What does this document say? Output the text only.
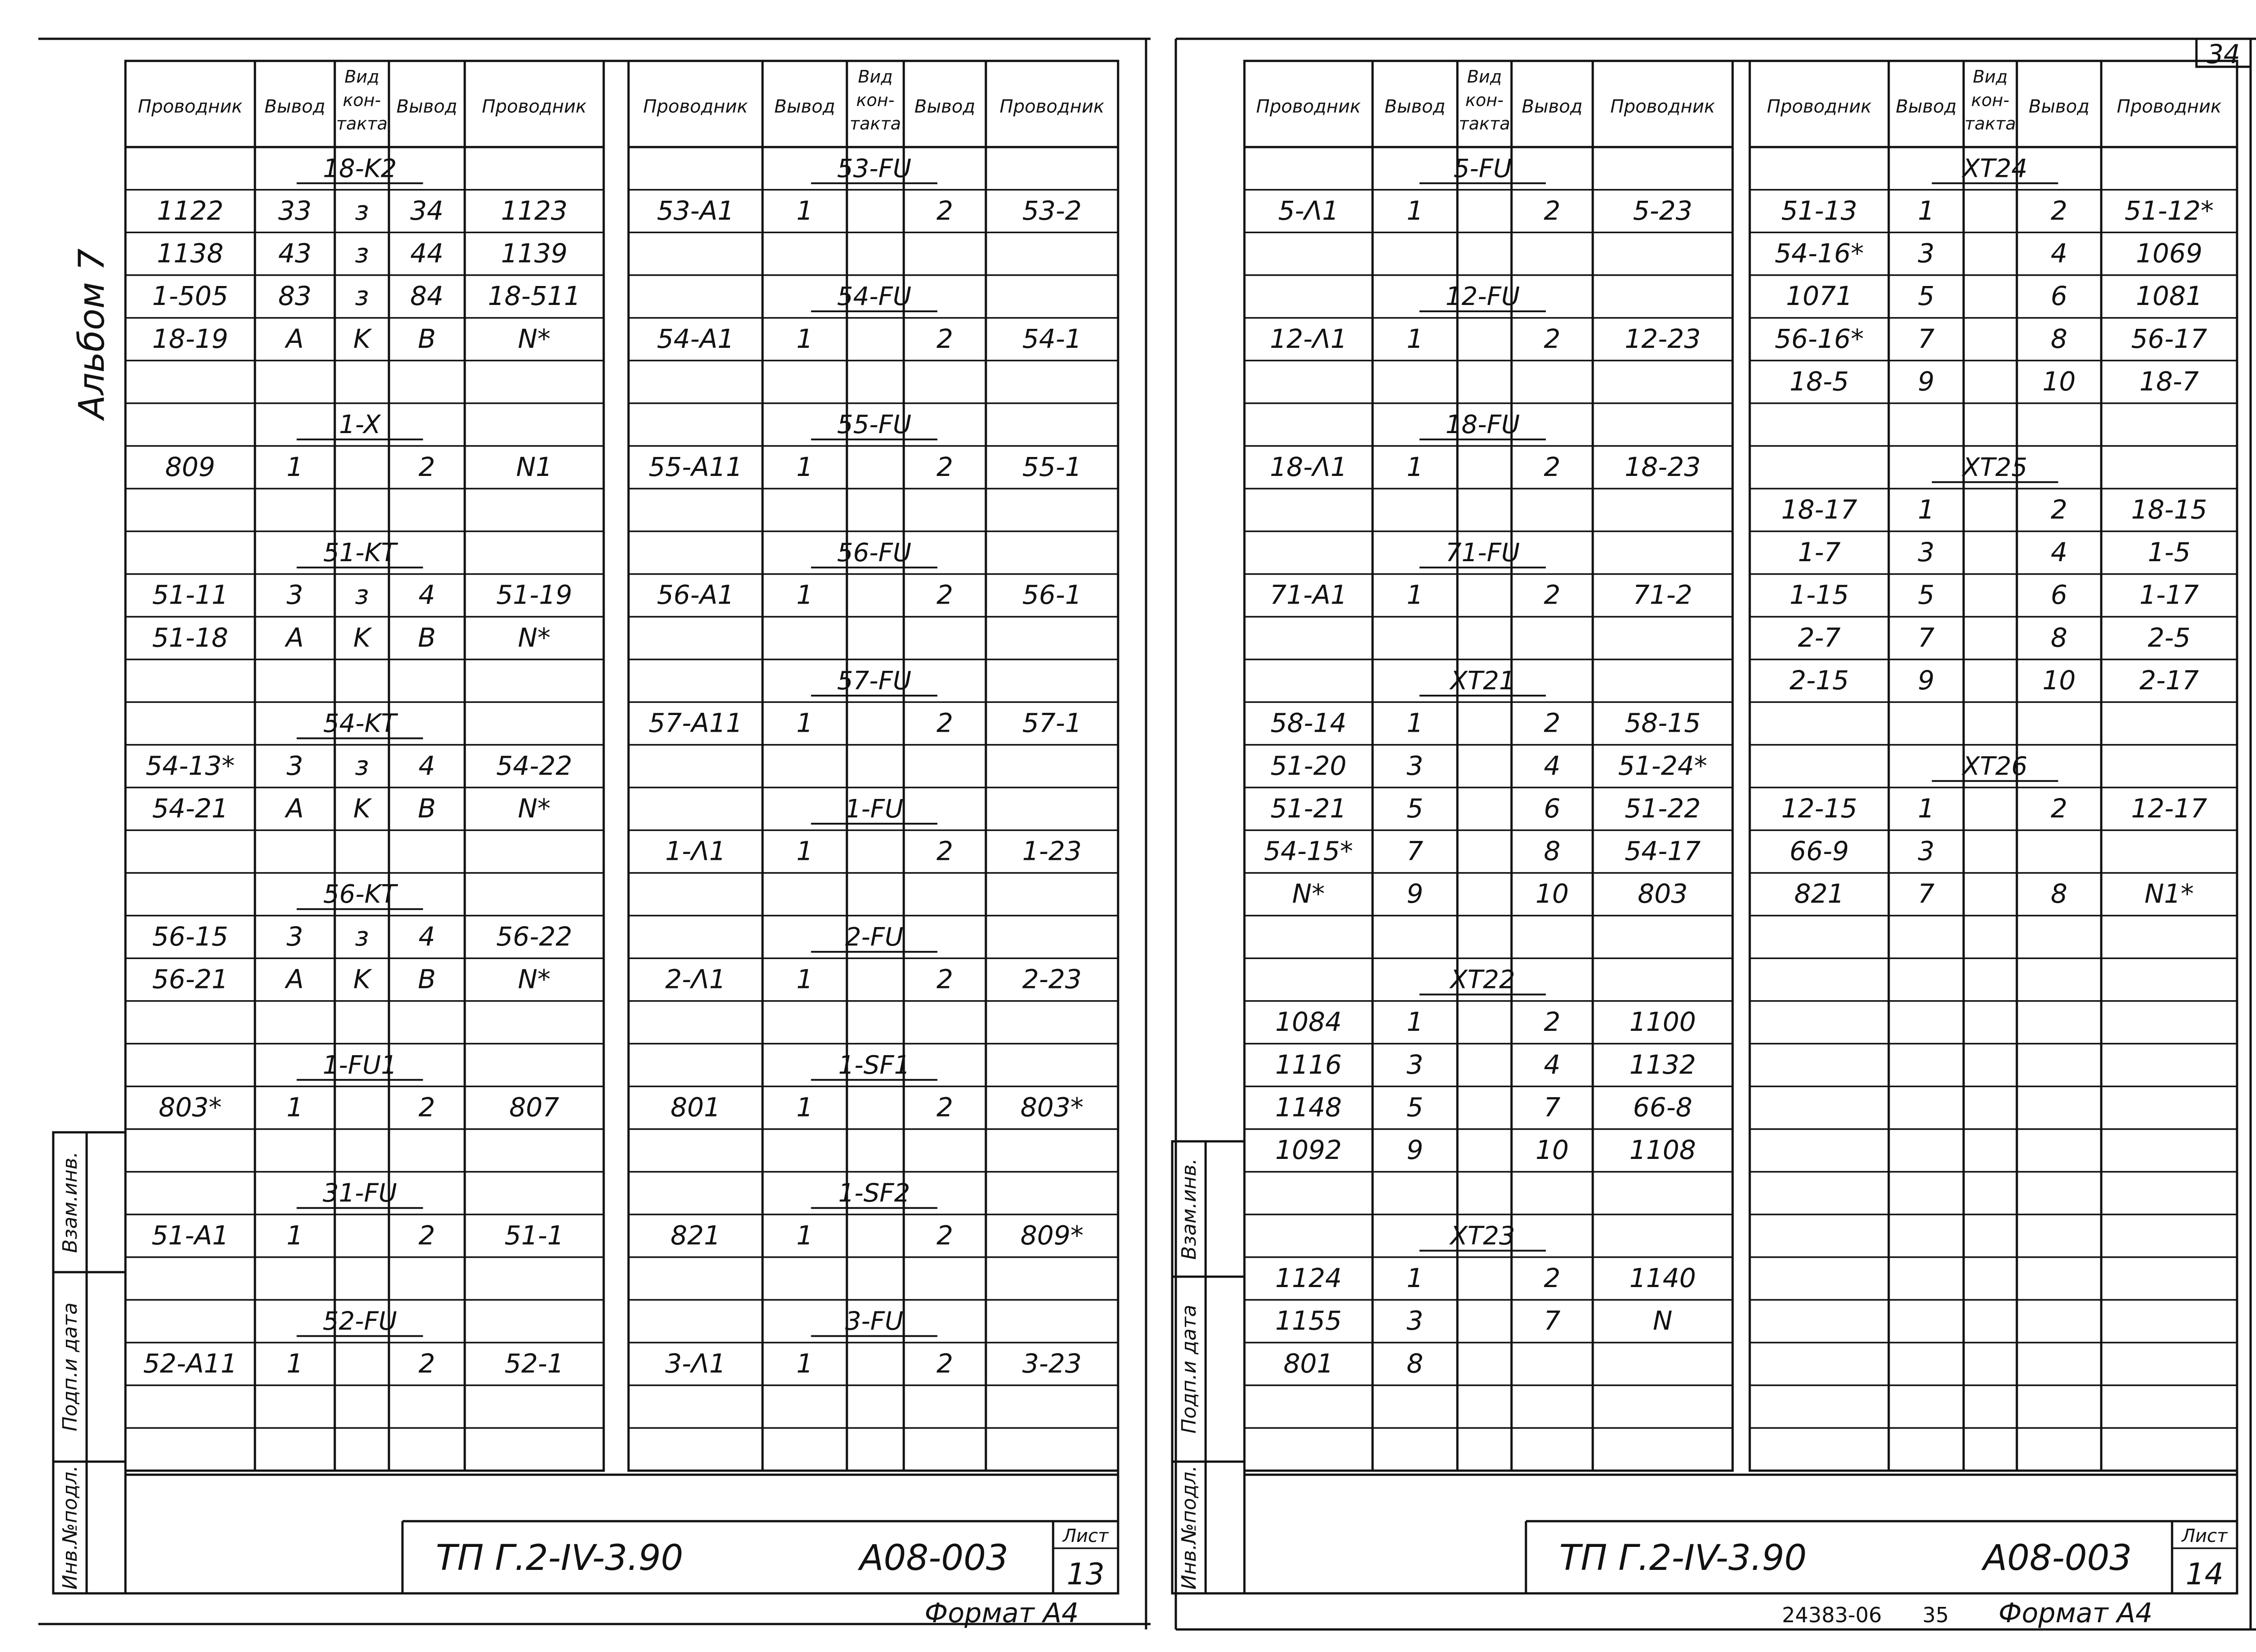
Проводник Вывод	Вывод Проводник
Вид
кон-
такта
18-K2
1122 33 з 34 1123
1138 43 з 44 1139
1-505 83 з 84 18-511
18-19 A K B	N*
1-X
809	1	2	N1
51-KT
51-11 3 з 4 51-19
51-18 A K B	N*
54-KT
54-13* 3 з 4 54-22
54-21 A K B	N*
56-KT
56-15 3 з 4 56-22
56-21 A K B	N*
1-FU1
803* 1	2	807
31-FU
51-A1 1	2	51-1
52-FU
52-A11 1	2	52-1
Проводник Вывод	Вывод Проводник
Вид
кон-
такта
53-FU
53-A1 1	2	53-2
54-FU
54-A1 1	2	54-1
55-FU
55-A11 1	2	55-1
56-FU
56-A1 1	2	56-1
57-FU
57-A11 1	2	57-1
1-FU
1-Λ1	1	2	1-23
2-FU
2-Λ1	1	2	2-23
1-SF1
801	1	2	803*
1-SF2
821	1	2	809*
3-FU
3-Λ1	1	2	3-23
Проводник Вывод	Вывод Проводник
Вид
кон-
такта
5-FU
5-Λ1	1	2	5-23
12-FU
12-Λ1 1	2 12-23
18-FU
18-Λ1 1	2 18-23
71-FU
71-A1 1	2	71-2
XT21
58-14 1	2 58-15
51-20 3	4 51-24*
51-21 5	6 51-22
54-15* 7	8 54-17
N*	9	10	803
XT22
1084 1	2	1100
1116 3	4	1132
1148 5	7	66-8
1092 9	10 1108
XT23
1124 1	2	1140
1155 3	7	N
801	8
Проводник Вывод	Вывод Проводник
Вид
кон-
такта
XT24
51-13 1	2 51-12*
54-16* 3	4	1069
1071 5	6	1081
56-16* 7	8 56-17
18-5	9	10 18-7
XT25
18-17 1	2 18-15
1-7	3	4	1-5
1-15	5	6	1-17
2-7	7	8	2-5
2-15	9	10 2-17
XT26
12-15 1	2 12-17
66-9	3
821	7	8	N1*
Альбом 7
Взам.инв.
Подп.и дата
Инв.№подл.
Взам.инв.
Подп.и дата
Инв.№подл.
ТП Г.2-IV-3.90	А08-003
Лист
13
Формат А4
ТП Г.2-IV-3.90	А08-003
Лист
14
Формат А4
24383-06 35
34
